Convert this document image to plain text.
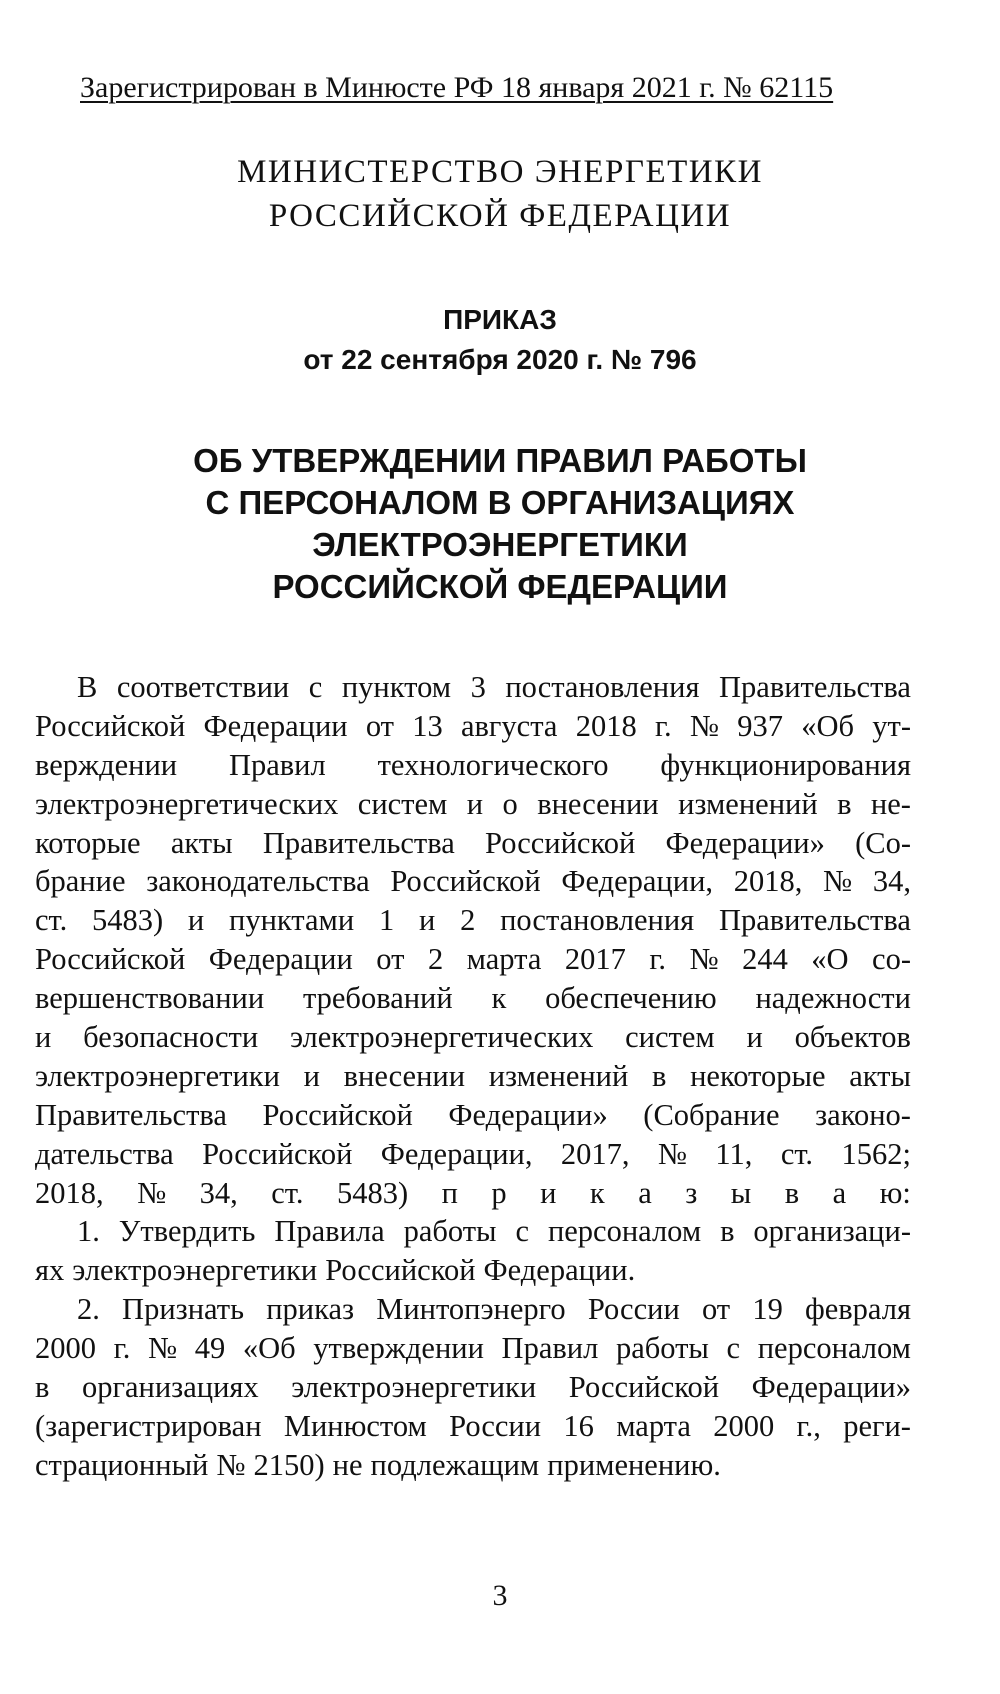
Зарегистрирован в Минюсте РФ 18 января 2021 г. № 62115
МИНИСТЕРСТВО ЭНЕРГЕТИКИ
РОССИЙСКОЙ ФЕДЕРАЦИИ
ПРИКАЗ
от 22 сентября 2020 г. № 796
ОБ УТВЕРЖДЕНИИ ПРАВИЛ РАБОТЫ
С ПЕРСОНАЛОМ В ОРГАНИЗАЦИЯХ
ЭЛЕКТРОЭНЕРГЕТИКИ
РОССИЙСКОЙ ФЕДЕРАЦИИ
В соответствии с пунктом 3 постановления Правительства
Российской Федерации от 13 августа 2018 г. № 937 «Об ут-
верждении Правил технологического функционирования
электроэнергетических систем и о внесении изменений в не-
которые акты Правительства Российской Федерации» (Со-
брание законодательства Российской Федерации, 2018, № 34,
ст. 5483) и пунктами 1 и 2 постановления Правительства
Российской Федерации от 2 марта 2017 г. № 244 «О со-
вершенствовании требований к обеспечению надежности
и безопасности электроэнергетических систем и объектов
электроэнергетики и внесении изменений в некоторые акты
Правительства Российской Федерации» (Собрание законо-
дательства Российской Федерации, 2017, № 11, ст. 1562;
2018, № 34, ст. 5483) п р и к а з ы в а ю:
1. Утвердить Правила работы с персоналом в организаци-
ях электроэнергетики Российской Федерации.
2. Признать приказ Минтопэнерго России от 19 февраля
2000 г. № 49 «Об утверждении Правил работы с персоналом
в организациях электроэнергетики Российской Федерации»
(зарегистрирован Минюстом России 16 марта 2000 г., реги-
страционный № 2150) не подлежащим применению.
3
